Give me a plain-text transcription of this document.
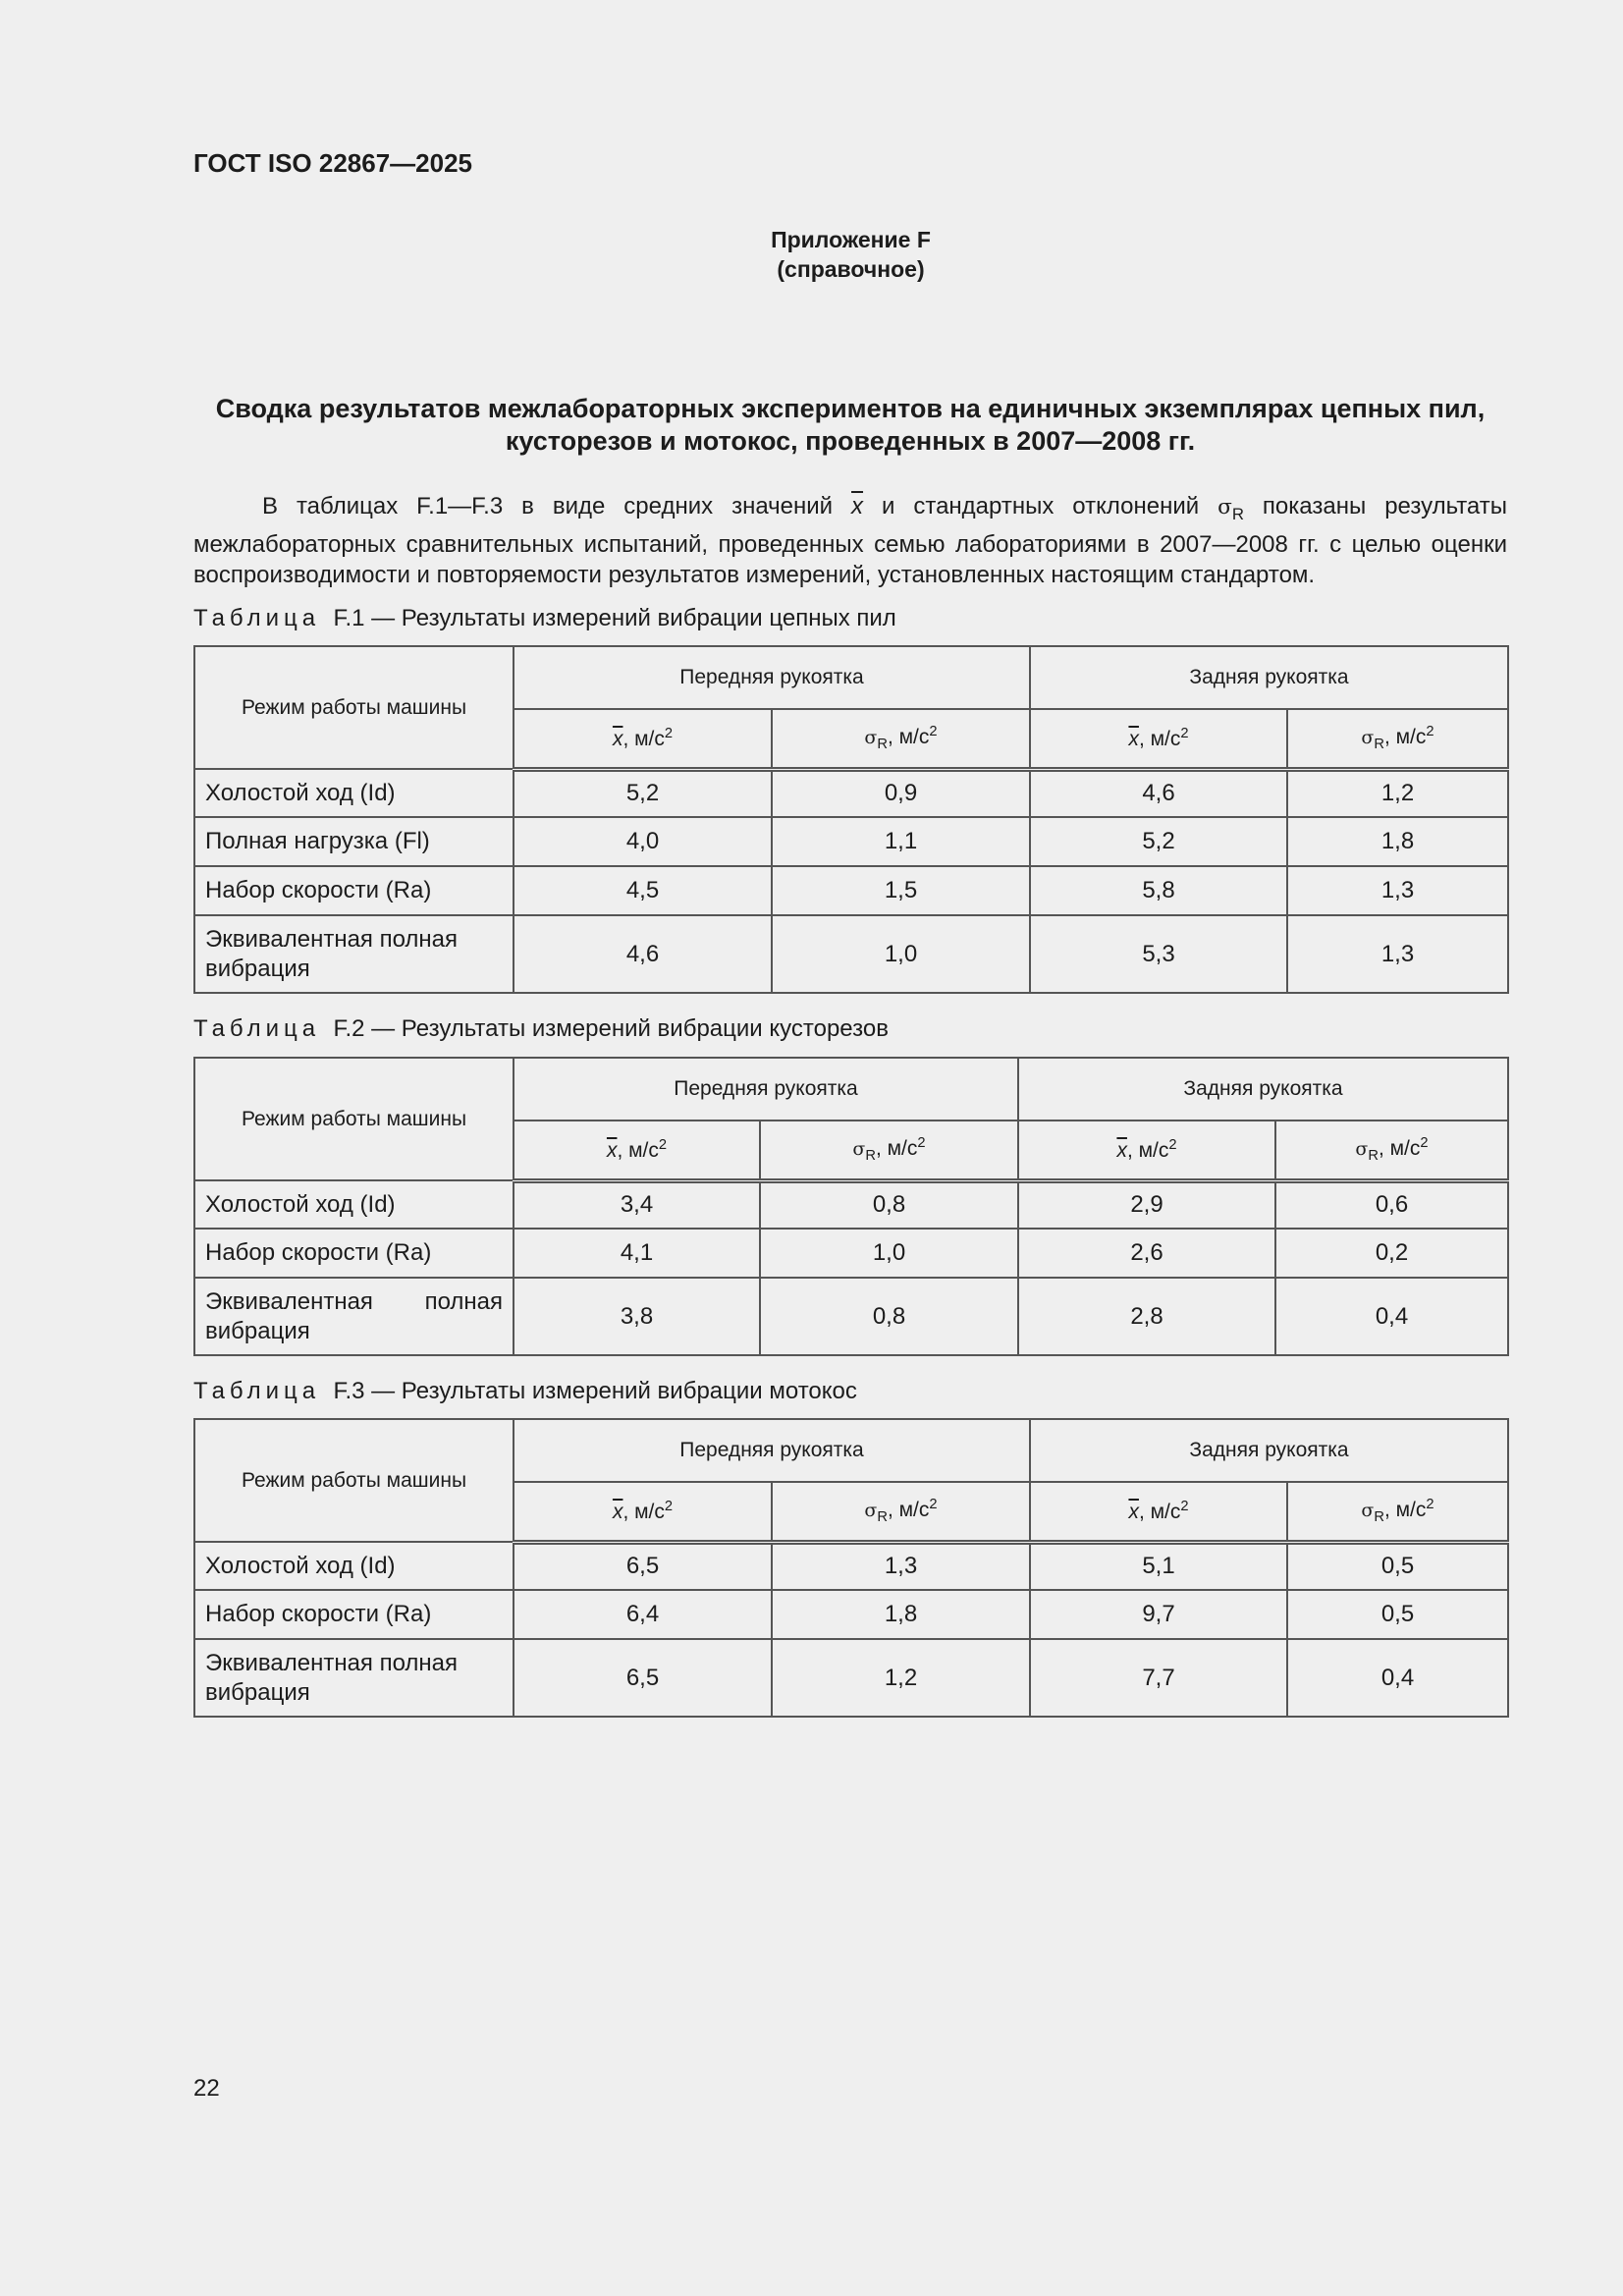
ГОСТ ISO 22867—2025
Приложение F
(справочное)
Сводка результатов межлабораторных экспериментов на единичных экземплярах цепных пил,
кусторезов и мотокос, проведенных в 2007—2008 гг.
В таблицах F.1—F.3 в виде средних значений $\overline{x}$ и стандартных отклонений $\sigma_R$ показаны результаты межлабораторных сравнительных испытаний, проведенных семью лабораториями в 2007—2008 гг. с целью оценки воспроизводимости и повторяемости результатов измерений, установленных настоящим стандартом.
Таблица F.1 — Результаты измерений вибрации цепных пил
Режим работы машины	Передняя рукоятка		Задняя рукоятка	
	$\overline{x}$, $м/с^2$	$\sigma_R$, $м/с^2$	$\overline{x}$, $м/с^2$	$\sigma_R$, $м/с^2$
Холостой ход (Id)	5,2	0,9	4,6	1,2
Полная нагрузка (Fl)	4,0	1,1	5,2	1,8
Набор скорости (Ra)	4,5	1,5	5,8	1,3
Эквивалентная полная вибрация	4,6	1,0	5,3	1,3
Таблица F.2 — Результаты измерений вибрации кусторезов
Режим работы машины	Передняя рукоятка		Задняя рукоятка	
	$\overline{x}$, $м/с^2$	$\sigma_R$, $м/с^2$	$\overline{x}$, $м/с^2$	$\sigma_R$, $м/с^2$
Холостой ход (Id)	3,4	0,8	2,9	0,6
Набор скорости (Ra)	4,1	1,0	2,6	0,2
Эквивалентная полная вибрация	3,8	0,8	2,8	0,4
Таблица F.3 — Результаты измерений вибрации мотокос
Режим работы машины	Передняя рукоятка		Задняя рукоятка	
	$\overline{x}$, $м/с^2$	$\sigma_R$, $м/с^2$	$\overline{x}$, $м/с^2$	$\sigma_R$, $м/с^2$
Холостой ход (Id)	6,5	1,3	5,1	0,5
Набор скорости (Ra)	6,4	1,8	9,7	0,5
Эквивалентная полная вибрация	6,5	1,2	7,7	0,4
22
